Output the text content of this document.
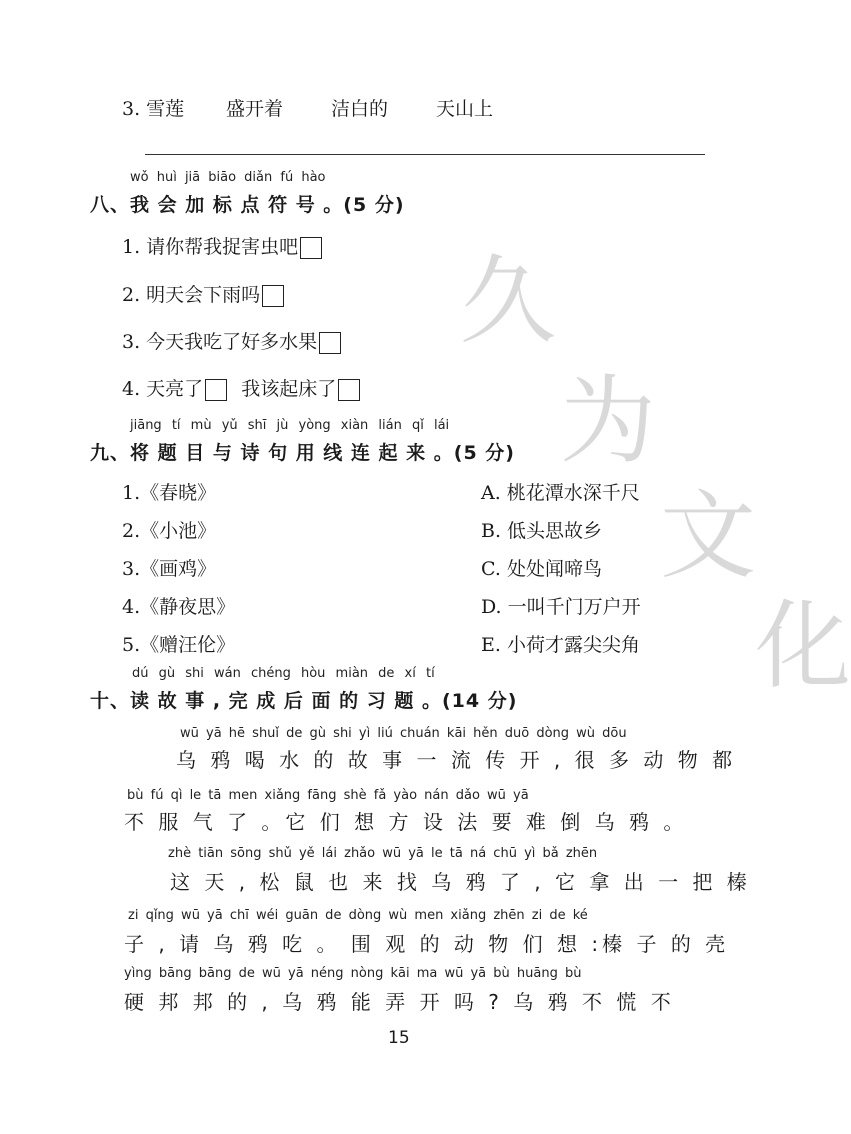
久
为
文
化
3. 雪莲 盛开着	洁白的	天山上
wǒ huì jiā biāo diǎn fú hào
八、我 会 加 标 点 符 号 。(5 分)
1. 请你帮我捉害虫吧
2. 明天会下雨吗
3. 今天我吃了好多水果
4. 天亮了 我该起床了
jiāng tí mù yǔ shī jù yòng xiàn lián qǐ lái
九、将 题 目 与 诗 句 用 线 连 起 来 。(5 分)
1.《春晓》
2.《小池》
3.《画鸡》
4.《静夜思》
5.《赠汪伦》
A. 桃花潭水深千尺
B. 低头思故乡
C. 处处闻啼鸟
D. 一叫千门万户开
E. 小荷才露尖尖角
dú gù shi wán chéng hòu miàn de xí tí
十、读 故 事 , 完 成 后 面 的 习 题 。(14 分)
wū yā hē shuǐ de gù shi yì liú chuán kāi hěn duō dòng wù dōu
乌 鸦 喝 水 的 故 事 一 流 传 开 , 很 多 动 物 都
bù fú qì le tā men xiǎng fāng shè fǎ yào nán dǎo wū yā
不 服 气 了 。它 们 想 方 设 法 要 难 倒 乌 鸦 。
zhè tiān sōng shǔ yě lái zhǎo wū yā le tā ná chū yì bǎ zhēn
这 天 , 松 鼠 也 来 找 乌 鸦 了 , 它 拿 出 一 把 榛
zi qǐng wū yā chī wéi guān de dòng wù men xiǎng zhēn zi de ké
子 , 请 乌 鸦 吃 。 围 观 的 动 物 们 想 :榛 子 的 壳
yìng bāng bāng de wū yā néng nòng kāi ma wū yā bù huāng bù
硬 邦 邦 的 , 乌 鸦 能 弄 开 吗 ? 乌 鸦 不 慌 不
15
